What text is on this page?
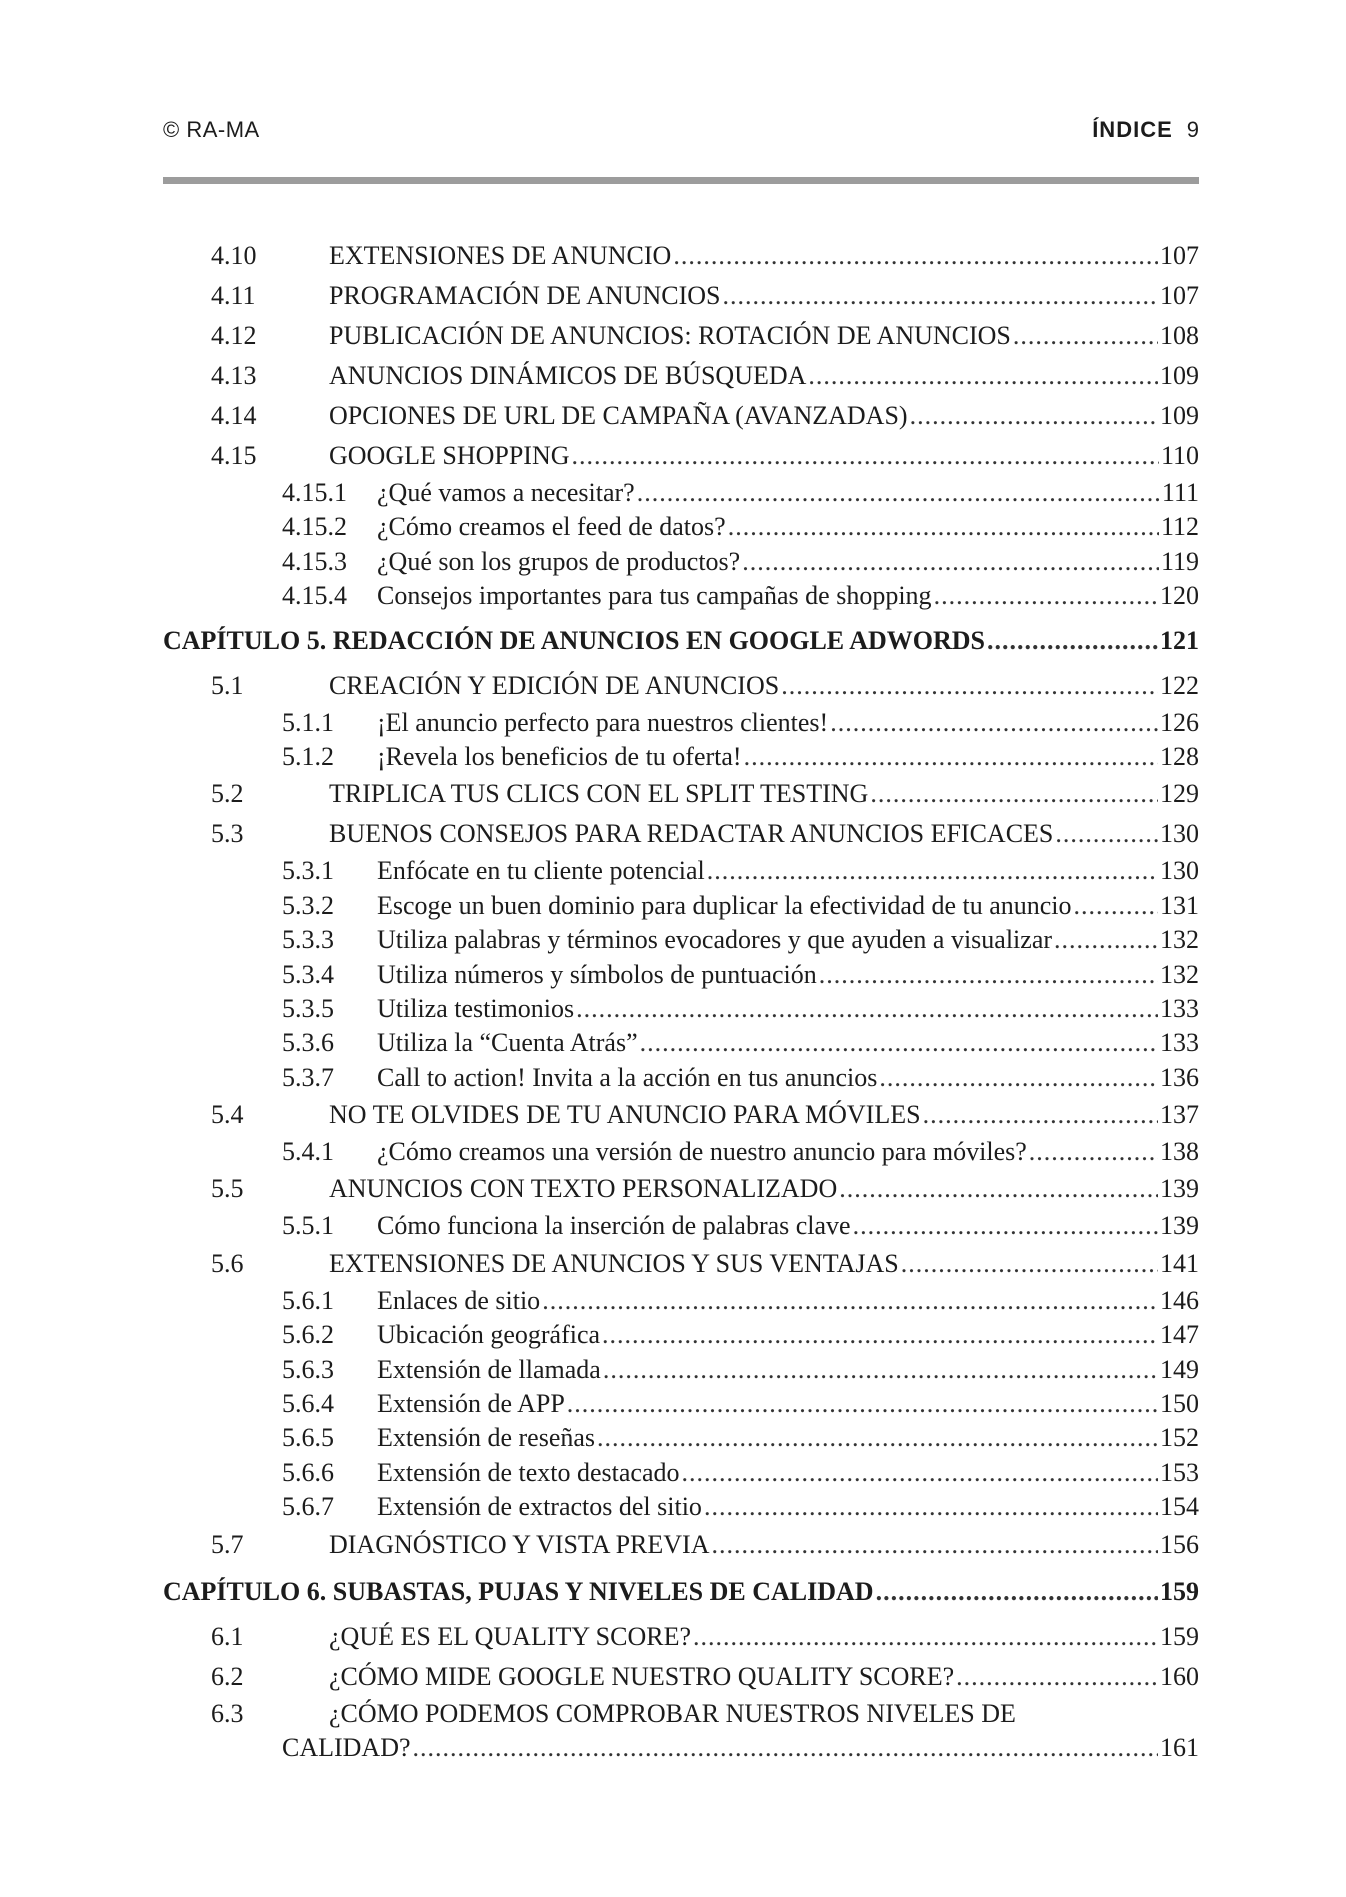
© RA-MA	ÍNDICE 9
4.10	EXTENSIONES DE ANUNCIO .....	107
4.11	PROGRAMACIÓN DE ANUNCIOS .....	107
4.12	PUBLICACIÓN DE ANUNCIOS: ROTACIÓN DE ANUNCIOS .....	108
4.13	ANUNCIOS DINÁMICOS DE BÚSQUEDA .....	109
4.14	OPCIONES DE URL DE CAMPAÑA (AVANZADAS) .....	109
4.15	GOOGLE SHOPPING .....	110
4.15.1	¿Qué vamos a necesitar? .....	111
4.15.2	¿Cómo creamos el feed de datos? .....	112
4.15.3	¿Qué son los grupos de productos? .....	119
4.15.4	Consejos importantes para tus campañas de shopping .....	120
CAPÍTULO 5. REDACCIÓN DE ANUNCIOS EN GOOGLE ADWORDS .....	121
5.1	CREACIÓN Y EDICIÓN DE ANUNCIOS .....	122
5.1.1	¡El anuncio perfecto para nuestros clientes! .....	126
5.1.2	¡Revela los beneficios de tu oferta! .....	128
5.2	TRIPLICA TUS CLICS CON EL SPLIT TESTING .....	129
5.3	BUENOS CONSEJOS PARA REDACTAR ANUNCIOS EFICACES .....	130
5.3.1	Enfócate en tu cliente potencial .....	130
5.3.2	Escoge un buen dominio para duplicar la efectividad de tu anuncio .....	131
5.3.3	Utiliza palabras y términos evocadores y que ayuden a visualizar .....	132
5.3.4	Utiliza números y símbolos de puntuación .....	132
5.3.5	Utiliza testimonios .....	133
5.3.6	Utiliza la “Cuenta Atrás” .....	133
5.3.7	Call to action! Invita a la acción en tus anuncios .....	136
5.4	NO TE OLVIDES DE TU ANUNCIO PARA MÓVILES .....	137
5.4.1	¿Cómo creamos una versión de nuestro anuncio para móviles? .....	138
5.5	ANUNCIOS CON TEXTO PERSONALIZADO .....	139
5.5.1	Cómo funciona la inserción de palabras clave .....	139
5.6	EXTENSIONES DE ANUNCIOS Y SUS VENTAJAS .....	141
5.6.1	Enlaces de sitio .....	146
5.6.2	Ubicación geográfica .....	147
5.6.3	Extensión de llamada .....	149
5.6.4	Extensión de APP .....	150
5.6.5	Extensión de reseñas .....	152
5.6.6	Extensión de texto destacado .....	153
5.6.7	Extensión de extractos del sitio .....	154
5.7	DIAGNÓSTICO Y VISTA PREVIA .....	156
CAPÍTULO 6. SUBASTAS, PUJAS Y NIVELES DE CALIDAD .....	159
6.1	¿QUÉ ES EL QUALITY SCORE? .....	159
6.2	¿CÓMO MIDE GOOGLE NUESTRO QUALITY SCORE? .....	160
6.3	¿CÓMO PODEMOS COMPROBAR NUESTROS NIVELES DE
CALIDAD? .....	161
